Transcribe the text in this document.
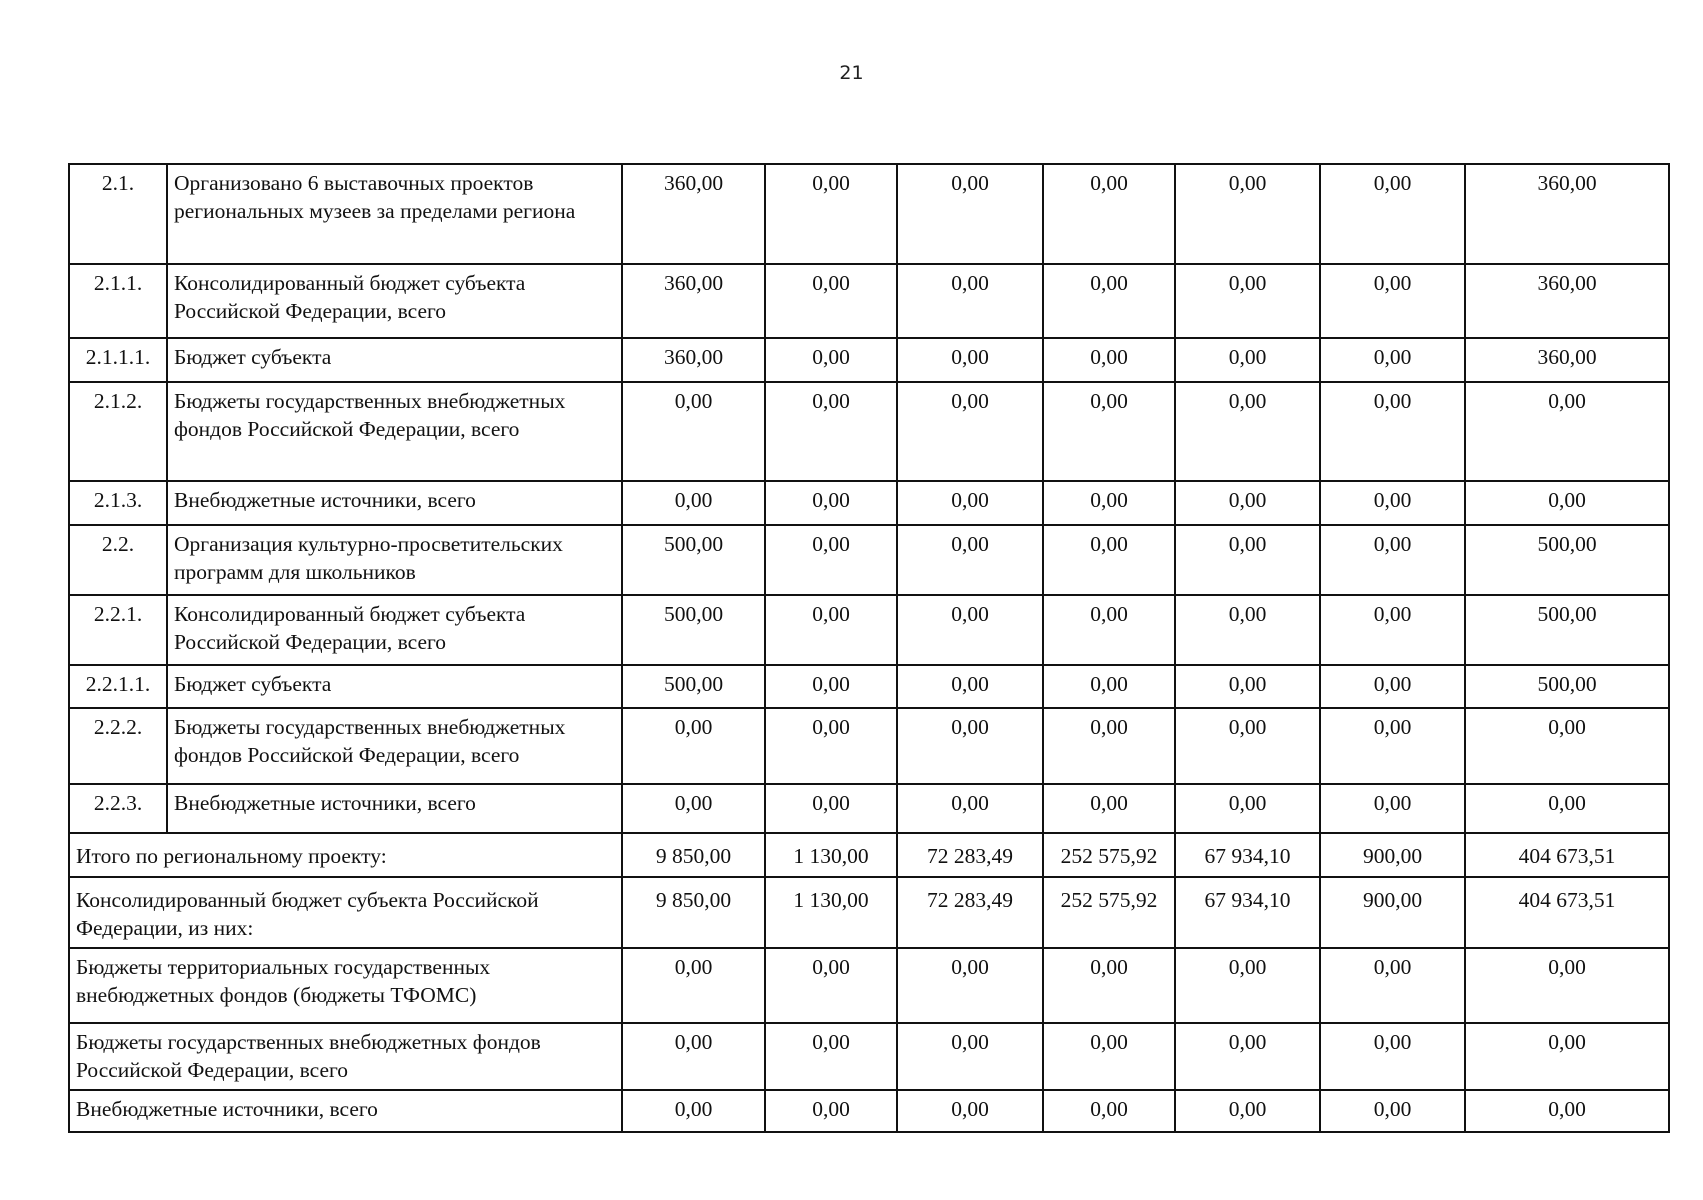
21
2.1.	Организовано 6 выставочных проектов региональных музеев за пределами региона	360,00	0,00	0,00	0,00	0,00	0,00	360,00
2.1.1.	Консолидированный бюджет субъекта Российской Федерации, всего	360,00	0,00	0,00	0,00	0,00	0,00	360,00
2.1.1.1.	Бюджет субъекта	360,00	0,00	0,00	0,00	0,00	0,00	360,00
2.1.2.	Бюджеты государственных внебюджетных фондов Российской Федерации, всего	0,00	0,00	0,00	0,00	0,00	0,00	0,00
2.1.3.	Внебюджетные источники, всего	0,00	0,00	0,00	0,00	0,00	0,00	0,00
2.2.	Организация культурно-просветительских программ для школьников	500,00	0,00	0,00	0,00	0,00	0,00	500,00
2.2.1.	Консолидированный бюджет субъекта Российской Федерации, всего	500,00	0,00	0,00	0,00	0,00	0,00	500,00
2.2.1.1.	Бюджет субъекта	500,00	0,00	0,00	0,00	0,00	0,00	500,00
2.2.2.	Бюджеты государственных внебюджетных фондов Российской Федерации, всего	0,00	0,00	0,00	0,00	0,00	0,00	0,00
2.2.3.	Внебюджетные источники, всего	0,00	0,00	0,00	0,00	0,00	0,00	0,00
Итого по региональному проекту:		9 850,00	1 130,00	72 283,49	252 575,92	67 934,10	900,00	404 673,51
Консолидированный бюджет субъекта Российской Федерации, из них:		9 850,00	1 130,00	72 283,49	252 575,92	67 934,10	900,00	404 673,51
Бюджеты территориальных государственных внебюджетных фондов (бюджеты ТФОМС)		0,00	0,00	0,00	0,00	0,00	0,00	0,00
Бюджеты государственных внебюджетных фондов Российской Федерации, всего		0,00	0,00	0,00	0,00	0,00	0,00	0,00
Внебюджетные источники, всего		0,00	0,00	0,00	0,00	0,00	0,00	0,00
